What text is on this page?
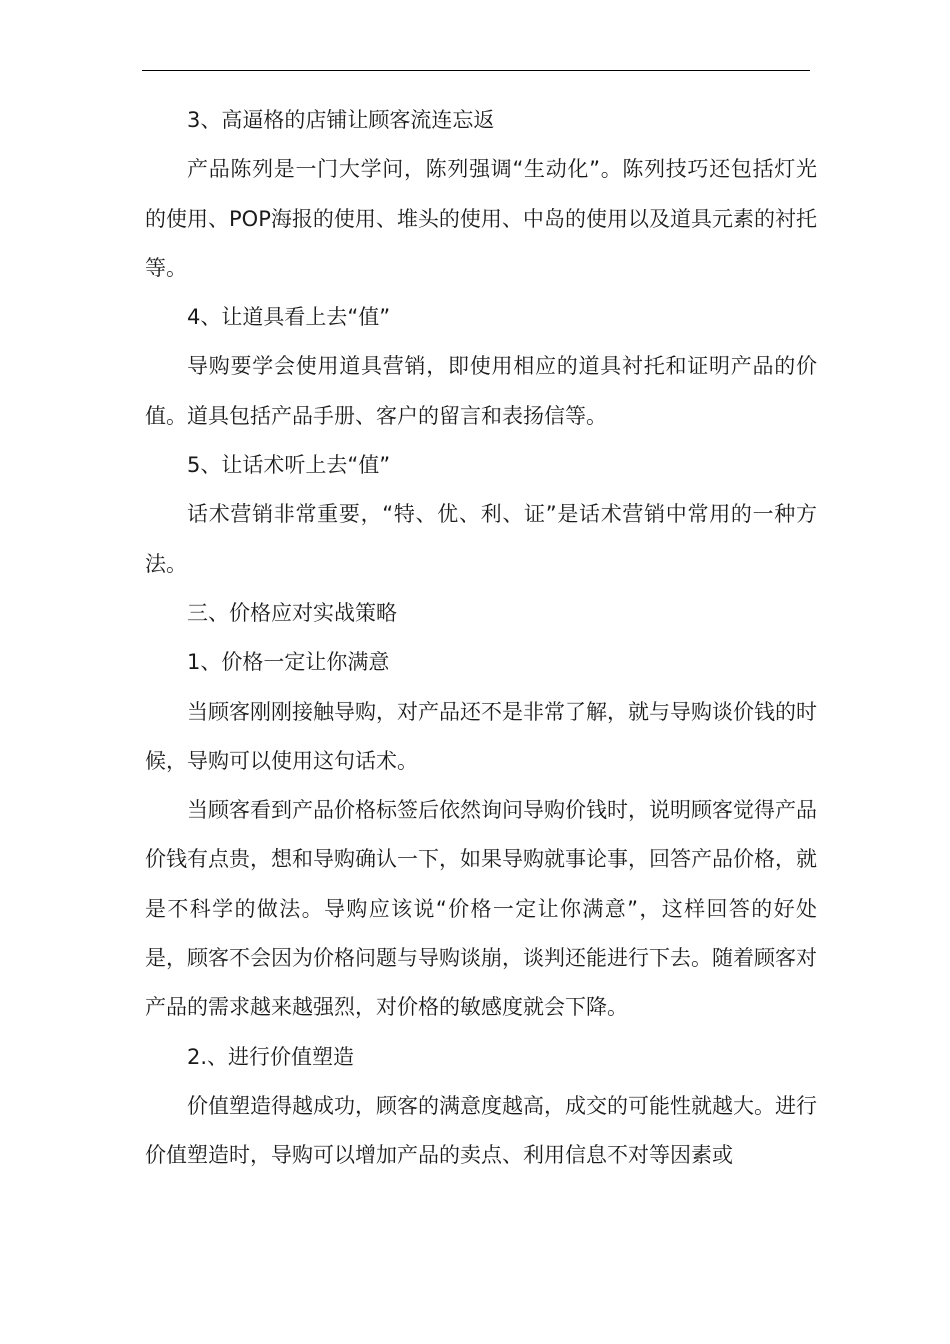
3、高逼格的店铺让顾客流连忘返

产品陈列是一门大学问，陈列强调“生动化”。陈列技巧还包括灯光的使用、POP海报的使用、堆头的使用、中岛的使用以及道具元素的衬托等。

4、让道具看上去“值”

导购要学会使用道具营销，即使用相应的道具衬托和证明产品的价值。道具包括产品手册、客户的留言和表扬信等。

5、让话术听上去“值”

话术营销非常重要，“特、优、利、证”是话术营销中常用的一种方法。

三、价格应对实战策略

1、价格一定让你满意

当顾客刚刚接触导购，对产品还不是非常了解，就与导购谈价钱的时候，导购可以使用这句话术。

当顾客看到产品价格标签后依然询问导购价钱时，说明顾客觉得产品价钱有点贵，想和导购确认一下，如果导购就事论事，回答产品价格，就是不科学的做法。导购应该说“价格一定让你满意”，这样回答的好处是，顾客不会因为价格问题与导购谈崩，谈判还能进行下去。随着顾客对产品的需求越来越强烈，对价格的敏感度就会下降。

2.、进行价值塑造

价值塑造得越成功，顾客的满意度越高，成交的可能性就越大。进行价值塑造时，导购可以增加产品的卖点、利用信息不对等因素或
